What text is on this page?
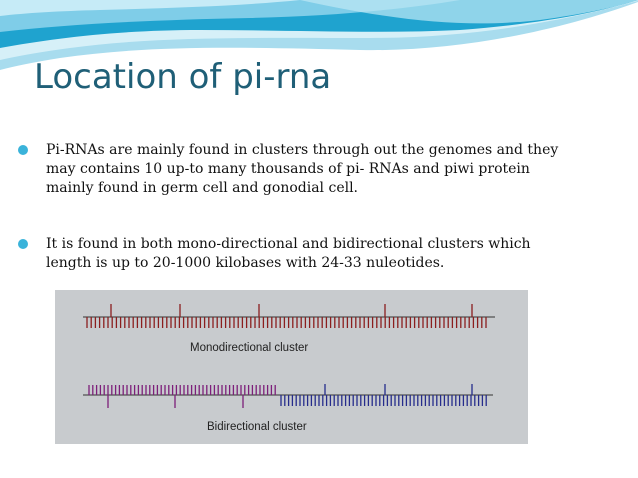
Location of pi-rna

Pi-RNAs are mainly found in clusters through out the genomes and they may contains 10 up-to many thousands of pi- RNAs and piwi protein mainly found in germ cell and gonodial cell.

It is found in both mono-directional and bidirectional clusters which length is up to 20-1000 kilobases with 24-33 nuleotides.

Monodirectional cluster
Bidirectional cluster
